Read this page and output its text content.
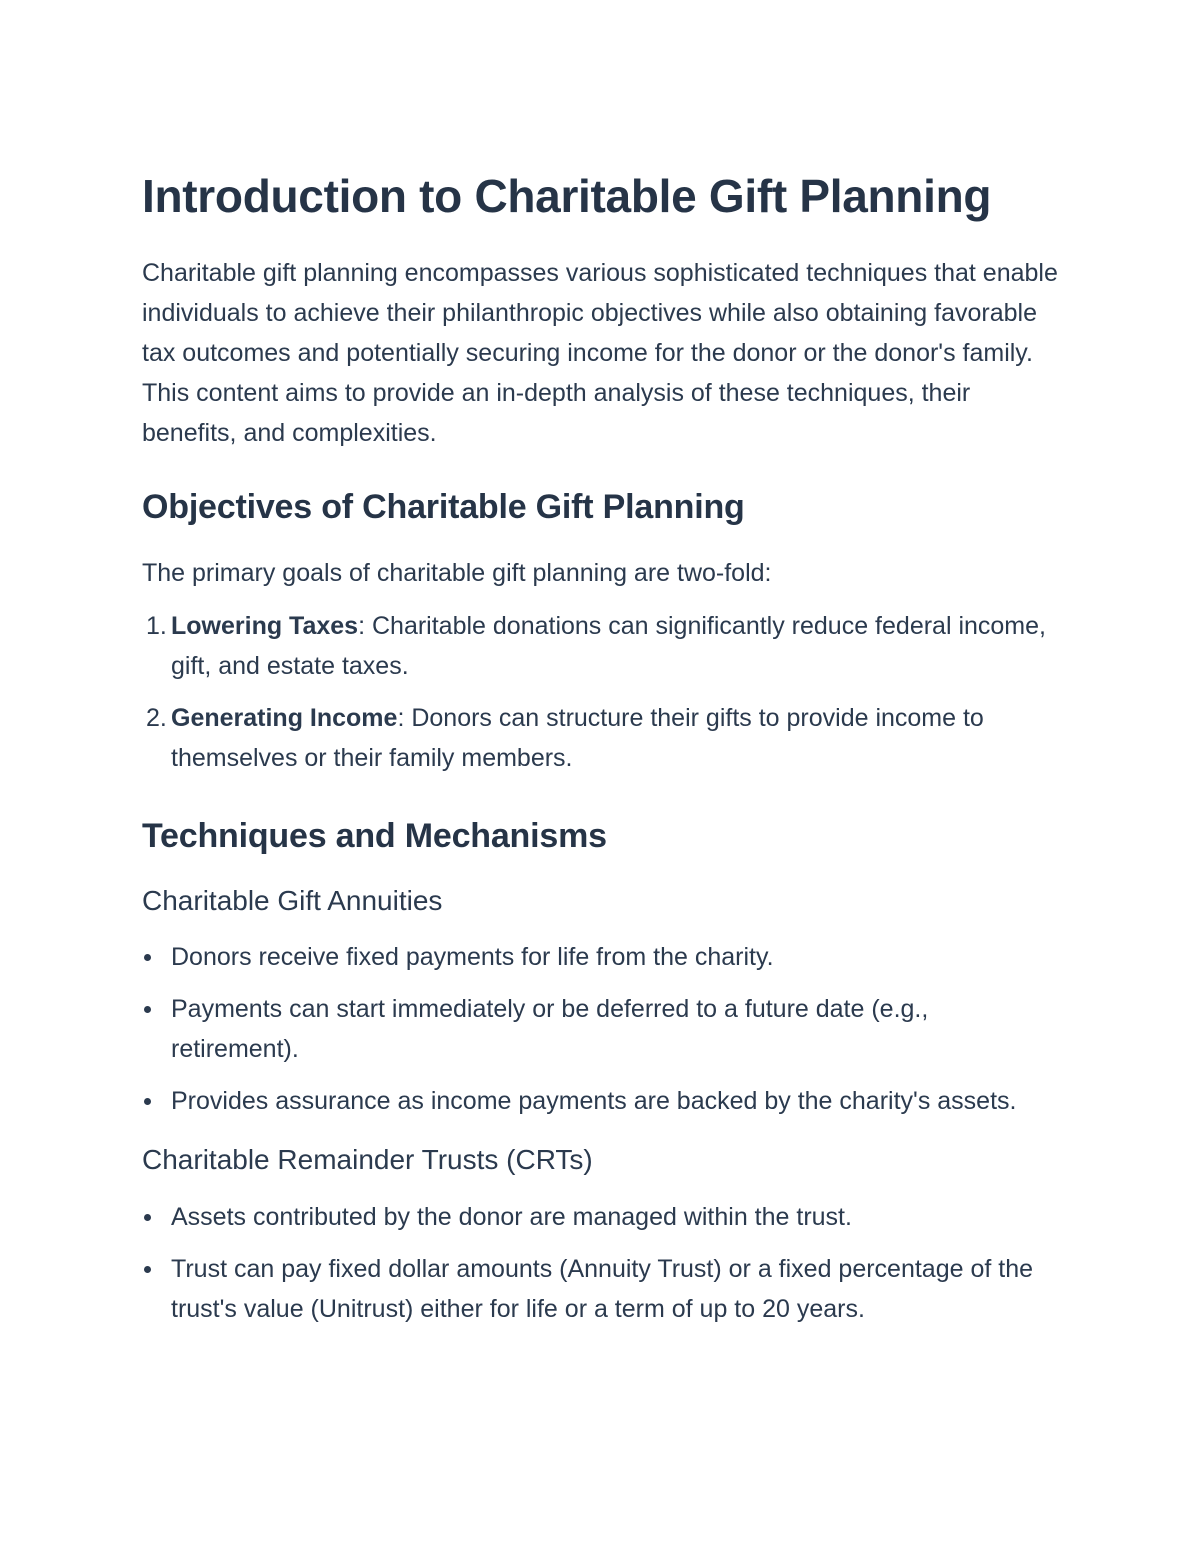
Introduction to Charitable Gift Planning

Charitable gift planning encompasses various sophisticated techniques that enable individuals to achieve their philanthropic objectives while also obtaining favorable tax outcomes and potentially securing income for the donor or the donor's family. This content aims to provide an in-depth analysis of these techniques, their benefits, and complexities.

Objectives of Charitable Gift Planning

The primary goals of charitable gift planning are two-fold:

1. Lowering Taxes: Charitable donations can significantly reduce federal income, gift, and estate taxes.
2. Generating Income: Donors can structure their gifts to provide income to themselves or their family members.
Techniques and Mechanisms
Charitable Gift Annuities
Donors receive fixed payments for life from the charity.
Payments can start immediately or be deferred to a future date (e.g., retirement).
Provides assurance as income payments are backed by the charity's assets.
Charitable Remainder Trusts (CRTs)
Assets contributed by the donor are managed within the trust.
Trust can pay fixed dollar amounts (Annuity Trust) or a fixed percentage of the trust's value (Unitrust) either for life or a term of up to 20 years.
